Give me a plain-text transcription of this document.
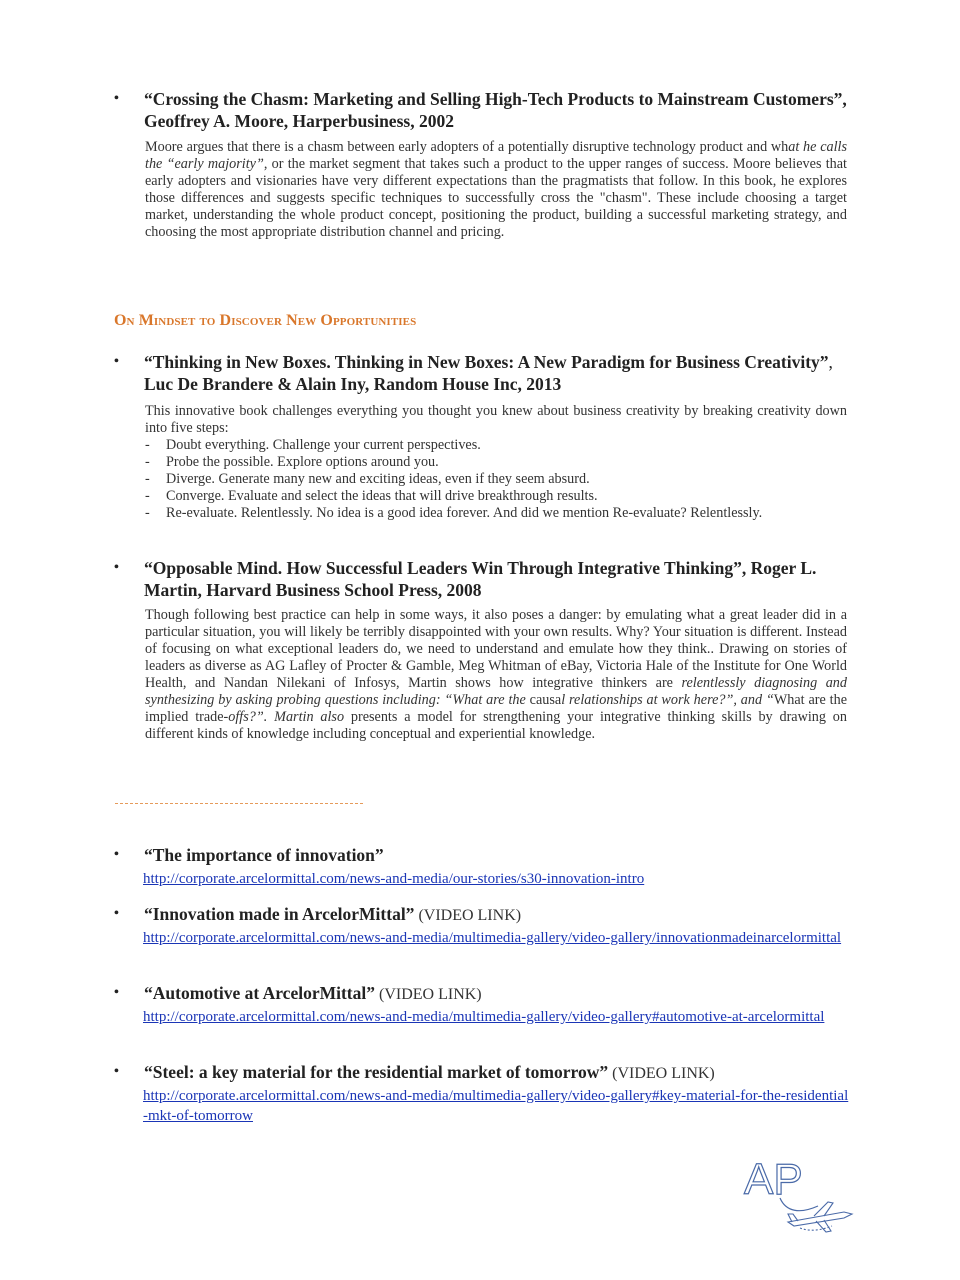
• “Crossing the Chasm: Marketing and Selling High-Tech Products to Mainstream Customers”, Geoffrey A. Moore, Harperbusiness, 2002

Moore argues that there is a chasm between early adopters of a potentially disruptive technology product and what he calls the “early majority”, or the market segment that takes such a product to the upper ranges of success. Moore believes that early adopters and visionaries have very different expectations than the pragmatists that follow. In this book, he explores those differences and suggests specific techniques to successfully cross the "chasm". These include choosing a target market, understanding the whole product concept, positioning the product, building a successful marketing strategy, and choosing the most appropriate distribution channel and pricing.

On Mindset to Discover New Opportunities
• “Thinking in New Boxes. Thinking in New Boxes: A New Paradigm for Business Creativity”, Luc De Brandere & Alain Iny, Random House Inc, 2013

This innovative book challenges everything you thought you knew about business creativity by breaking creativity down into five steps:

- Doubt everything. Challenge your current perspectives.
- Probe the possible. Explore options around you.
- Diverge. Generate many new and exciting ideas, even if they seem absurd.
- Converge. Evaluate and select the ideas that will drive breakthrough results.
- Re-evaluate. Relentlessly. No idea is a good idea forever. And did we mention Re-evaluate? Relentlessly.
• “Opposable Mind. How Successful Leaders Win Through Integrative Thinking”, Roger L. Martin, Harvard Business School Press, 2008

Though following best practice can help in some ways, it also poses a danger: by emulating what a great leader did in a particular situation, you will likely be terribly disappointed with your own results. Why? Your situation is different. Instead of focusing on what exceptional leaders do, we need to understand and emulate how they think.. Drawing on stories of leaders as diverse as AG Lafley of Procter & Gamble, Meg Whitman of eBay, Victoria Hale of the Institute for One World Health, and Nandan Nilekani of Infosys, Martin shows how integrative thinkers are relentlessly diagnosing and synthesizing by asking probing questions including: “What are the causal relationships at work here?”, and “What are the implied trade-offs?”. Martin also presents a model for strengthening your integrative thinking skills by drawing on different kinds of knowledge including conceptual and experiential knowledge.

• “The importance of innovation”
http://corporate.arcelormittal.com/news-and-media/our-stories/s30-innovation-intro
• “Innovation made in ArcelorMittal” (VIDEO LINK)
http://corporate.arcelormittal.com/news-and-media/multimedia-gallery/video-gallery/innovationmadeinarcelormittal
• “Automotive at ArcelorMittal” (VIDEO LINK)
http://corporate.arcelormittal.com/news-and-media/multimedia-gallery/video-gallery#automotive-at-arcelormittal
• “Steel: a key material for the residential market of tomorrow” (VIDEO LINK)
http://corporate.arcelormittal.com/news-and-media/multimedia-gallery/video-gallery#key-material-for-the-residential-mkt-of-tomorrow
AP
